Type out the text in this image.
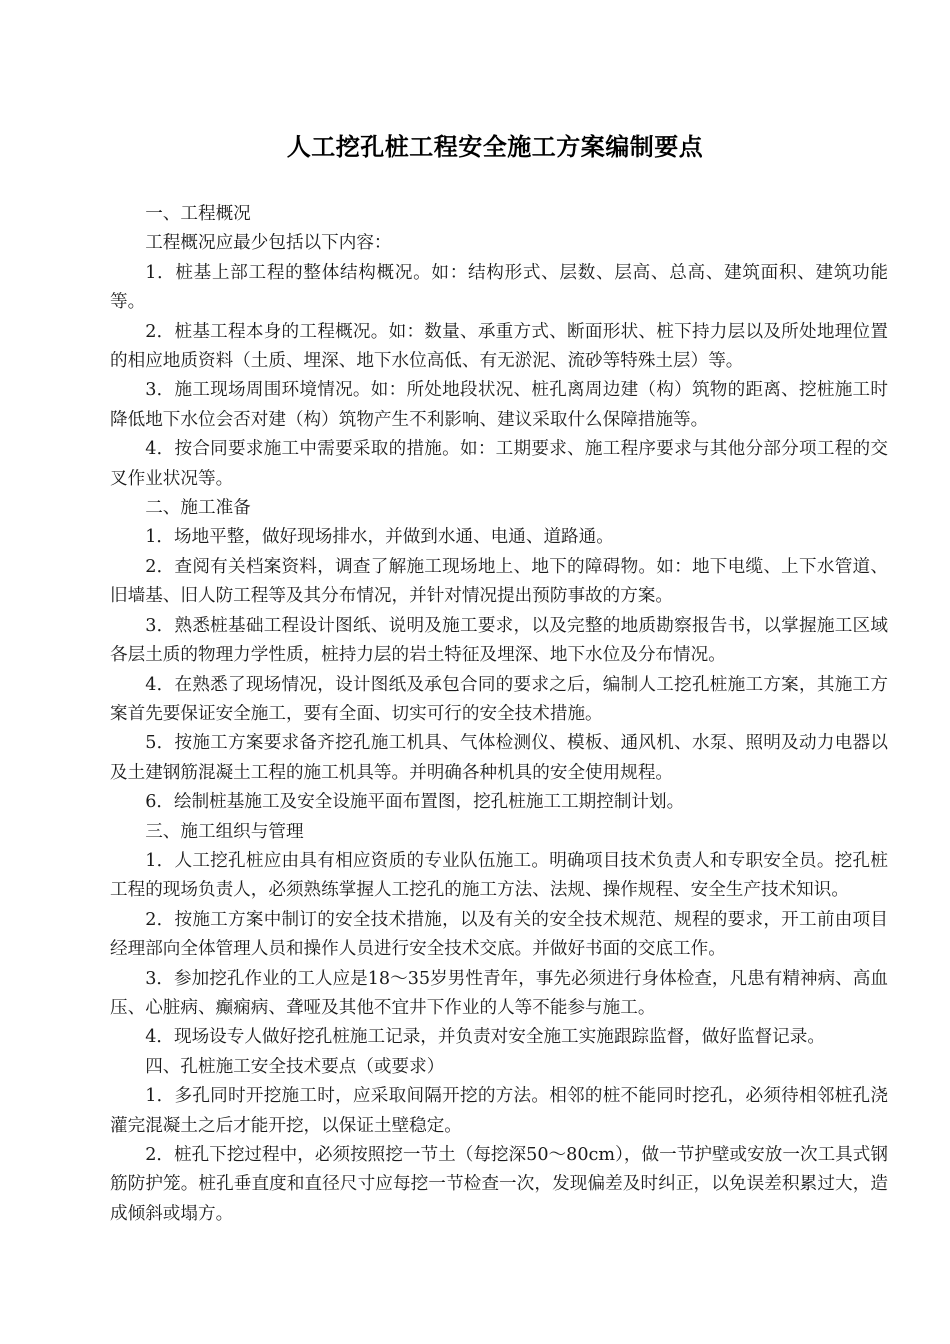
人工挖孔桩工程安全施工方案编制要点

一、工程概况

工程概况应最少包括以下内容：

1．桩基上部工程的整体结构概况。如：结构形式、层数、层高、总高、建筑面积、建筑功能等。

2．桩基工程本身的工程概况。如：数量、承重方式、断面形状、桩下持力层以及所处地理位置的相应地质资料（土质、埋深、地下水位高低、有无淤泥、流砂等特殊土层）等。

3．施工现场周围环境情况。如：所处地段状况、桩孔离周边建（构）筑物的距离、挖桩施工时降低地下水位会否对建（构）筑物产生不利影响、建议采取什么保障措施等。

4．按合同要求施工中需要采取的措施。如：工期要求、施工程序要求与其他分部分项工程的交叉作业状况等。

二、施工准备

1．场地平整，做好现场排水，并做到水通、电通、道路通。

2．查阅有关档案资料，调查了解施工现场地上、地下的障碍物。如：地下电缆、上下水管道、旧墙基、旧人防工程等及其分布情况，并针对情况提出预防事故的方案。

3．熟悉桩基础工程设计图纸、说明及施工要求，以及完整的地质勘察报告书，以掌握施工区域各层土质的物理力学性质，桩持力层的岩土特征及埋深、地下水位及分布情况。

4．在熟悉了现场情况，设计图纸及承包合同的要求之后，编制人工挖孔桩施工方案，其施工方案首先要保证安全施工，要有全面、切实可行的安全技术措施。

5．按施工方案要求备齐挖孔施工机具、气体检测仪、模板、通风机、水泵、照明及动力电器以及土建钢筋混凝土工程的施工机具等。并明确各种机具的安全使用规程。

6．绘制桩基施工及安全设施平面布置图，挖孔桩施工工期控制计划。

三、施工组织与管理

1．人工挖孔桩应由具有相应资质的专业队伍施工。明确项目技术负责人和专职安全员。挖孔桩工程的现场负责人，必须熟练掌握人工挖孔的施工方法、法规、操作规程、安全生产技术知识。

2．按施工方案中制订的安全技术措施，以及有关的安全技术规范、规程的要求，开工前由项目经理部向全体管理人员和操作人员进行安全技术交底。并做好书面的交底工作。

3．参加挖孔作业的工人应是18～35岁男性青年，事先必须进行身体检查，凡患有精神病、高血压、心脏病、癫痫病、聋哑及其他不宜井下作业的人等不能参与施工。

4．现场设专人做好挖孔桩施工记录，并负责对安全施工实施跟踪监督，做好监督记录。

四、孔桩施工安全技术要点（或要求）

1．多孔同时开挖施工时，应采取间隔开挖的方法。相邻的桩不能同时挖孔，必须待相邻桩孔浇灌完混凝土之后才能开挖，以保证土壁稳定。

2．桩孔下挖过程中，必须按照挖一节土（每挖深50～80cm），做一节护壁或安放一次工具式钢筋防护笼。桩孔垂直度和直径尺寸应每挖一节检查一次，发现偏差及时纠正，以免误差积累过大，造成倾斜或塌方。
